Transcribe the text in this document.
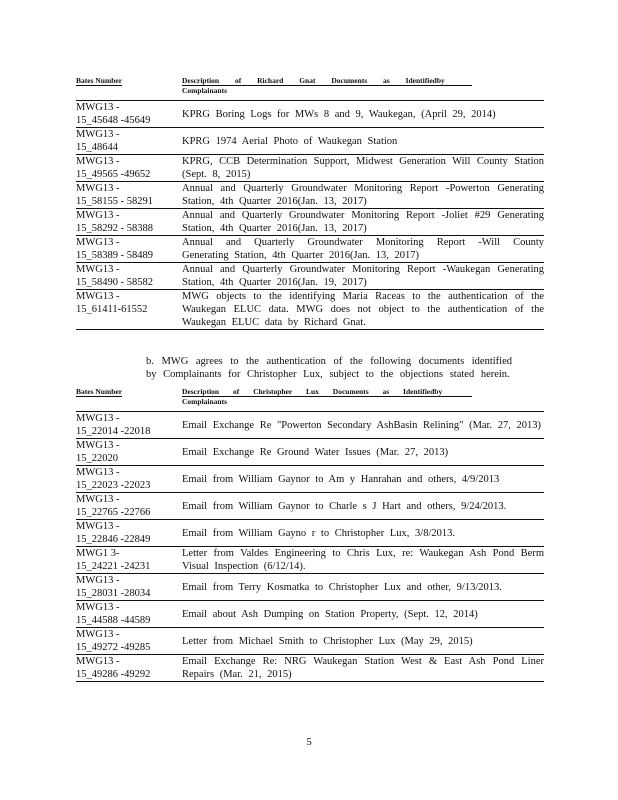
Bates Number	Description of Richard Gnat Documents as Identifiedby
Complainants
MWG13 -
15_45648 -45649	KPRG Boring Logs for MWs 8 and 9, Waukegan, (April 29, 2014)

MWG13 -
15_48644	KPRG 1974 Aerial Photo of Waukegan Station

MWG13 -
15_49565 -49652	KPRG, CCB Determination Support, Midwest Generation Will County Station (Sept. 8, 2015)

MWG13 -
15_58155 - 58291	Annual and Quarterly Groundwater Monitoring Report -Powerton Generating Station, 4th Quarter 2016(Jan. 13, 2017)

MWG13 -
15_58292 - 58388	Annual and Quarterly Groundwater Monitoring Report -Joliet #29 Generating Station, 4th Quarter 2016(Jan. 13, 2017)

MWG13 -
15_58389 - 58489	Annual and Quarterly Groundwater Monitoring Report -Will County Generating Station, 4th Quarter 2016(Jan. 13, 2017)

MWG13 -
15_58490 - 58582	Annual and Quarterly Groundwater Monitoring Report -Waukegan Generating Station, 4th Quarter 2016(Jan. 19, 2017)

MWG13 -
15_61411-61552	MWG objects to the identifying Maria Raceas to the authentication of the Waukegan ELUC data. MWG does not object to the authentication of the Waukegan ELUC data by Richard Gnat.
b. MWG agrees to the authentication of the following documents identified by Complainants for Christopher Lux, subject to the objections stated herein.
Bates Number	Description of Christopher Lux Documents as Identifiedby
Complainants
MWG13 -
15_22014 -22018	Email Exchange Re "Powerton Secondary AshBasin Relining" (Mar. 27, 2013)

MWG13 -
15_22020	Email Exchange Re Ground Water Issues (Mar. 27, 2013)

MWG13 -
15_22023 -22023	Email from William Gaynor to Am y Hanrahan and others, 4/9/2013

MWG13 -
15_22765 -22766	Email from William Gaynor to Charle s J Hart and others, 9/24/2013.

MWG13 -
15_22846 -22849	Email from William Gayno r to Christopher Lux, 3/8/2013.

MWG1 3-
15_24221 -24231	Letter from Valdes Engineering to Chris Lux, re: Waukegan Ash Pond Berm Visual Inspection (6/12/14).

MWG13 -
15_28031 -28034	Email from Terry Kosmatka to Christopher Lux and other, 9/13/2013.

MWG13 -
15_44588 -44589	Email about Ash Dumping on Station Property, (Sept. 12, 2014)

MWG13 -
15_49272 -49285	Letter from Michael Smith to Christopher Lux (May 29, 2015)

MWG13 -
15_49286 -49292	Email Exchange Re: NRG Waukegan Station West & East Ash Pond Liner Repairs (Mar. 21, 2015)
5
